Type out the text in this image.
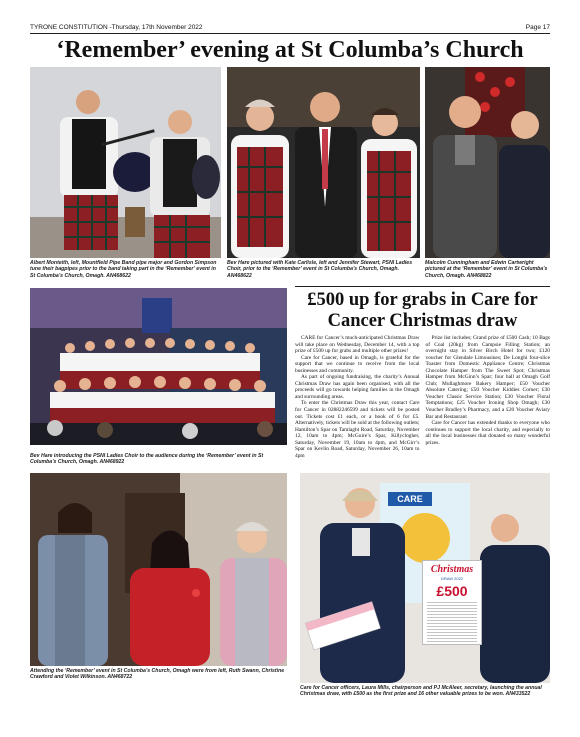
TYRONE CONSTITUTION -Thursday, 17th November 2022	Page 17
‘Remember’ evening at St Columba’s Church
Albert Monteith, left, Mountfield Pipe Band pipe major and Gordon Simpson tune their bagpipes prior to the band taking part in the ‘Remember’ event in St Columba’s Church, Omagh. AN468622
Bev Hare pictured with Kate Carlisle, left and Jennifer Stewart, PSNI Ladies Choir, prior to the ‘Remember’ event in St Columba’s Church, Omagh. AN468622
Malcolm Cunningham and Edwin Cartwright pictured at the ‘Remember’ event in St Columba’s Church, Omagh. AN468822
Bev Hare introducing the PSNI Ladies Choir to the audience during the ‘Remember’ event in St Columba’s Church, Omagh. AN468922
£500 up for grabs in Care for Cancer Christmas draw

CARE for Cancer’s much-anticipated Christmas Draw will take place on Wednesday, December 14, with a top prize of £500 up for grabs and multiple other prizes!

Care for Cancer, based in Omagh, is grateful for the support that we continue to receive from the local businesses and community.

As part of ongoing fundraising, the charity’s Annual Christmas Draw has again been organised, with all the proceeds will go towards helping families in the Omagh and surrounding areas.

To enter the Christmas Draw this year, contact Care for Cancer in 02882246599 and tickets will be posted out. Tickets cost £1 each, or a book of 6 for £5. Alternatively, tickets will be sold at the following outlets; Hamilton’s Spar on Tamlaght Road, Saturday, November 12, 10am to 4pm; McGuire’s Spar, Killyclogher, Saturday, November 19, 10am to 4pm, and McGirr’s Spar on Kevlin Road, Saturday, November 26, 10am to 4pm

Prize list includes; Grand prize of £500 Cash; 10 Bags of Coal (20kg) from Campsie Filling Station; an overnight stay in Silver Birch Hotel for two; £120 voucher for Glendale Limousines; De Longhi four-slice Toaster from Domestic Appliance Centre; Christmas Chocolate Hamper from The Sweet Spot; Christmas Hamper from McGinn’s Spar; four ball at Omagh Golf Club; Mullaghmore Bakery Hamper; £50 Voucher Absolute Catering; £50 Voucher Kiddies Corner; £30 Voucher Classic Service Station; £30 Voucher Floral Temptations; £25 Voucher Ironing Shop Omagh; £30 Voucher Bradley’s Pharmacy, and a £20 Voucher Aviary Bar and Restaurant

Care for Cancer has extended thanks to everyone who continues to support the local charity, and especially to all the local businesses that donated so many wonderful prizes.

Attending the ‘Remember’ event in St Columba’s Church, Omagh were from left, Ruth Swann, Christine Crawford and Violet Wilkinson. AN468722
Christmas
DRAW 2022
£500
CARE
Care for Cancer officers, Laura Mills, chairperson and PJ McAleer, secretary, launching the annual Christmas draw, with £500 as the first prize and 16 other valuable prizes to be won. AN433522
